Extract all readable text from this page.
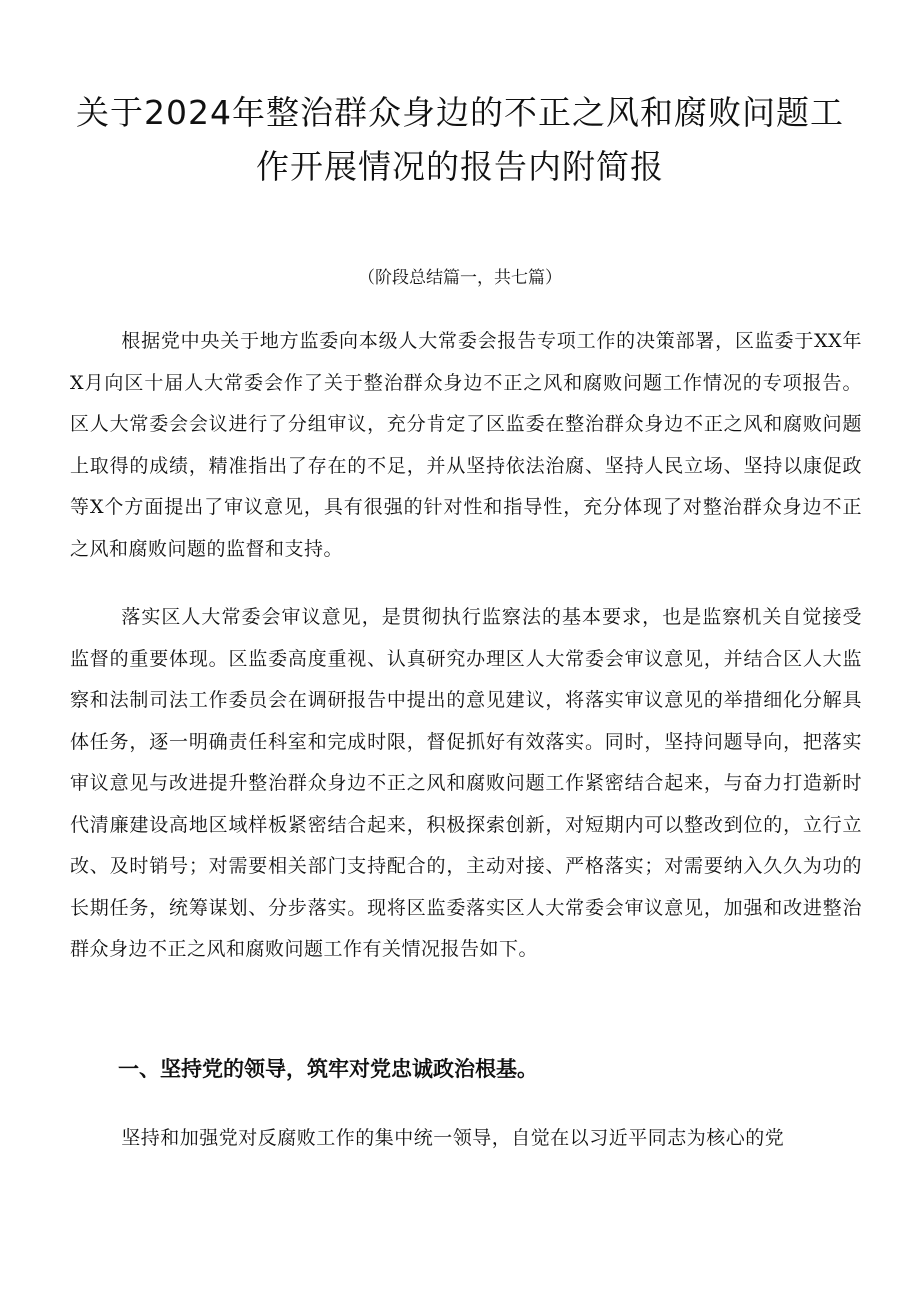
关于2024年整治群众身边的不正之风和腐败问题工作开展情况的报告内附简报

（阶段总结篇一，共七篇）

根据党中央关于地方监委向本级人大常委会报告专项工作的决策部署，区监委于XX年X月向区十届人大常委会作了关于整治群众身边不正之风和腐败问题工作情况的专项报告。区人大常委会会议进行了分组审议，充分肯定了区监委在整治群众身边不正之风和腐败问题上取得的成绩，精准指出了存在的不足，并从坚持依法治腐、坚持人民立场、坚持以康促政等X个方面提出了审议意见，具有很强的针对性和指导性，充分体现了对整治群众身边不正之风和腐败问题的监督和支持。

落实区人大常委会审议意见，是贯彻执行监察法的基本要求，也是监察机关自觉接受监督的重要体现。区监委高度重视、认真研究办理区人大常委会审议意见，并结合区人大监察和法制司法工作委员会在调研报告中提出的意见建议，将落实审议意见的举措细化分解具体任务，逐一明确责任科室和完成时限，督促抓好有效落实。同时，坚持问题导向，把落实审议意见与改进提升整治群众身边不正之风和腐败问题工作紧密结合起来，与奋力打造新时代清廉建设高地区域样板紧密结合起来，积极探索创新，对短期内可以整改到位的，立行立改、及时销号；对需要相关部门支持配合的，主动对接、严格落实；对需要纳入久久为功的长期任务，统筹谋划、分步落实。现将区监委落实区人大常委会审议意见，加强和改进整治群众身边不正之风和腐败问题工作有关情况报告如下。

一、坚持党的领导，筑牢对党忠诚政治根基。

坚持和加强党对反腐败工作的集中统一领导，自觉在以习近平同志为核心的党
